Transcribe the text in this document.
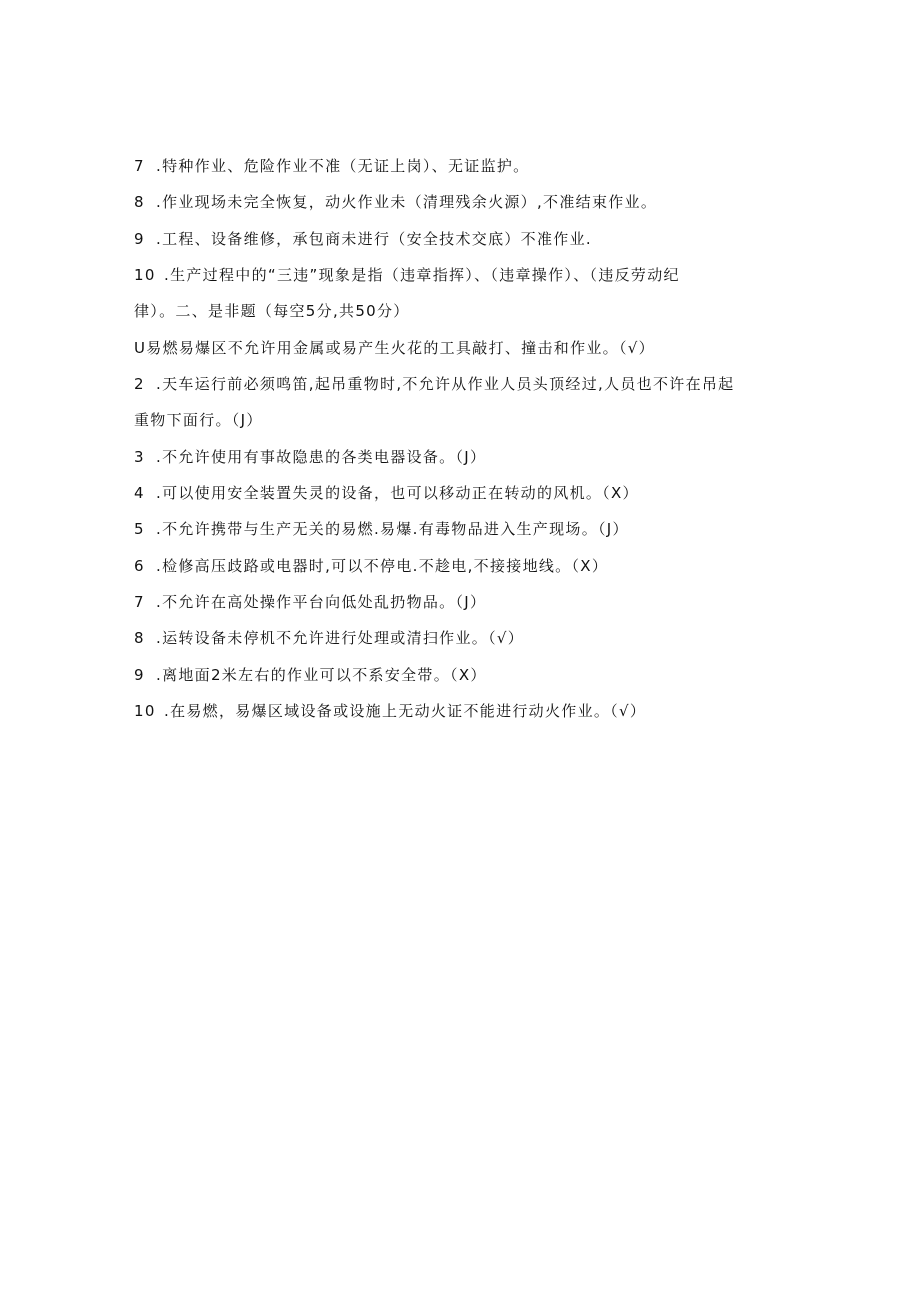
7 .特种作业、危险作业不准（无证上岗）、无证监护。
8 .作业现场未完全恢复，动火作业未（清理残余火源）,不准结束作业。
9 .工程、设备维修，承包商未进行（安全技术交底）不准作业.
10 .生产过程中的“三违”现象是指（违章指挥）、（违章操作）、（违反劳动纪
律）。二、是非题（每空5分,共50分）
U易燃易爆区不允许用金属或易产生火花的工具敲打、撞击和作业。（√）
2 .天车运行前必须鸣笛,起吊重物时,不允许从作业人员头顶经过,人员也不许在吊起
重物下面行。（J）
3 .不允许使用有事故隐患的各类电器设备。（J）
4 .可以使用安全装置失灵的设备，也可以移动正在转动的风机。（X）
5 .不允许携带与生产无关的易燃.易爆.有毒物品进入生产现场。（J）
6 .检修高压歧路或电器时,可以不停电.不趁电,不接接地线。（X）
7 .不允许在高处操作平台向低处乱扔物品。（J）
8 .运转设备未停机不允许进行处理或清扫作业。（√）
9 .离地面2米左右的作业可以不系安全带。（X）
10 .在易燃，易爆区域设备或设施上无动火证不能进行动火作业。（√）
